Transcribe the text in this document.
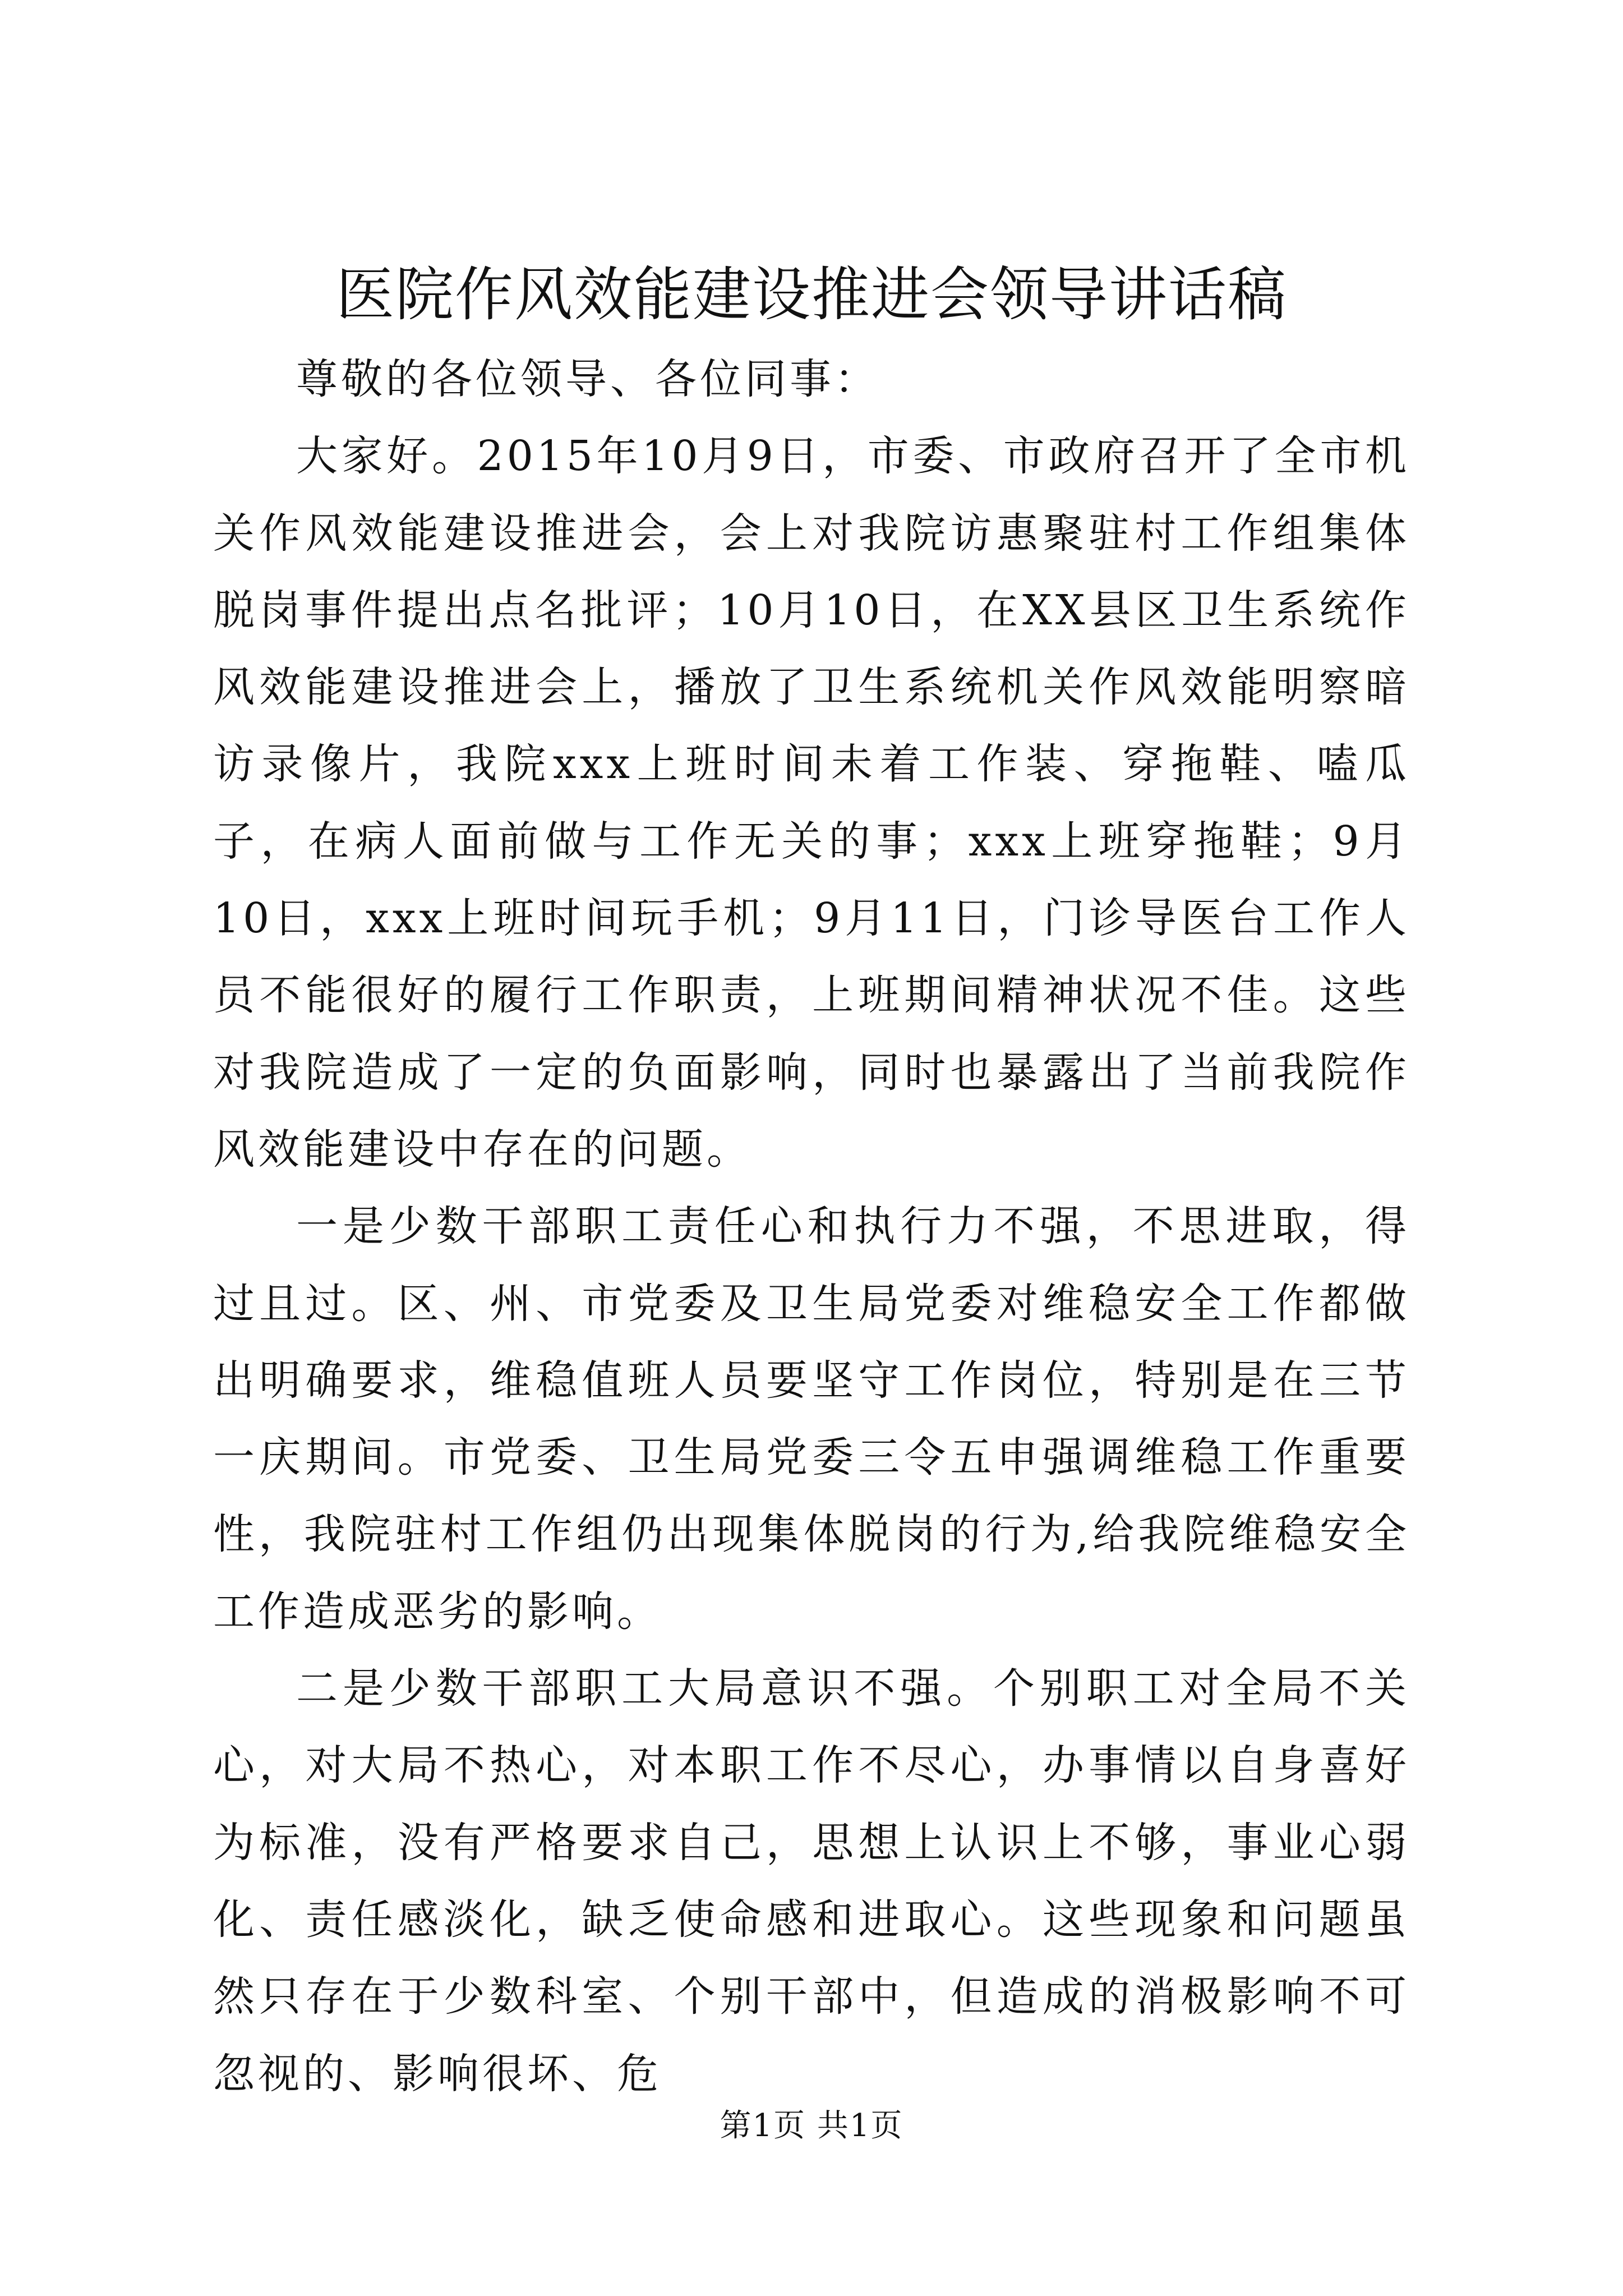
医院作风效能建设推进会领导讲话稿

尊敬的各位领导、各位同事：

大家好。2015年10月9日，市委、市政府召开了全市机关作风效能建设推进会，会上对我院访惠聚驻村工作组集体脱岗事件提出点名批评；10月10日，在XX县区卫生系统作风效能建设推进会上，播放了卫生系统机关作风效能明察暗访录像片，我院xxx上班时间未着工作装、穿拖鞋、嗑瓜子，在病人面前做与工作无关的事；xxx上班穿拖鞋；9月10日，xxx上班时间玩手机；9月11日，门诊导医台工作人员不能很好的履行工作职责，上班期间精神状况不佳。这些对我院造成了一定的负面影响，同时也暴露出了当前我院作风效能建设中存在的问题。

一是少数干部职工责任心和执行力不强，不思进取，得过且过。区、州、市党委及卫生局党委对维稳安全工作都做出明确要求，维稳值班人员要坚守工作岗位，特别是在三节一庆期间。市党委、卫生局党委三令五申强调维稳工作重要性，我院驻村工作组仍出现集体脱岗的行为,给我院维稳安全工作造成恶劣的影响。

二是少数干部职工大局意识不强。个别职工对全局不关心，对大局不热心，对本职工作不尽心，办事情以自身喜好为标准，没有严格要求自己，思想上认识上不够，事业心弱化、责任感淡化，缺乏使命感和进取心。这些现象和问题虽然只存在于少数科室、个别干部中，但造成的消极影响不可忽视的、影响很坏、危

第1页 共1页
